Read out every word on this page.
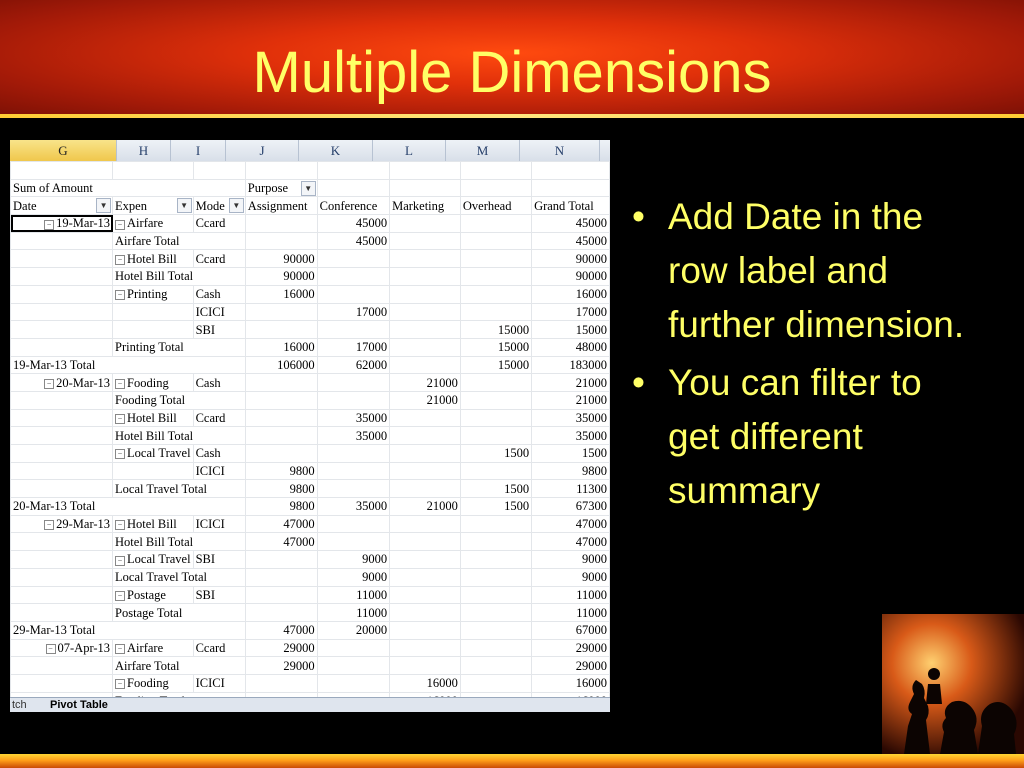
Multiple Dimensions
G	H	I	J	K	L	M	N

Sum of Amount			Purpose ▼				

Date ▼	Expen ▼	Mode ▼	Assignment	Conference	Marketing	Overhead	Grand Total
− 19-Mar-13	− Airfare	Ccard		45000			45000
	Airfare Total			45000			45000
	− Hotel Bill	Ccard	90000				90000
	Hotel Bill Total		90000				90000
	− Printing	Cash	16000				16000
		ICICI		17000			17000
		SBI				15000	15000
	Printing Total		16000	17000		15000	48000
19-Mar-13 Total			106000	62000		15000	183000
− 20-Mar-13	− Fooding	Cash			21000		21000
	Fooding Total				21000		21000
	− Hotel Bill	Ccard		35000			35000
	Hotel Bill Total			35000			35000
	− Local Travel	Cash				1500	1500
		ICICI	9800				9800
	Local Travel Total		9800			1500	11300
20-Mar-13 Total			9800	35000	21000	1500	67300
− 29-Mar-13	− Hotel Bill	ICICI	47000				47000
	Hotel Bill Total		47000				47000
	− Local Travel	SBI		9000			9000
	Local Travel Total			9000			9000
	− Postage	SBI		11000			11000
	Postage Total			11000			11000
29-Mar-13 Total			47000	20000			67000
− 07-Apr-13	− Airfare	Ccard	29000				29000
	Airfare Total		29000				29000
	− Fooding	ICICI			16000		16000

tch Pivot Table
• Add Date in the row label and further dimension.
• You can filter to get different summary
